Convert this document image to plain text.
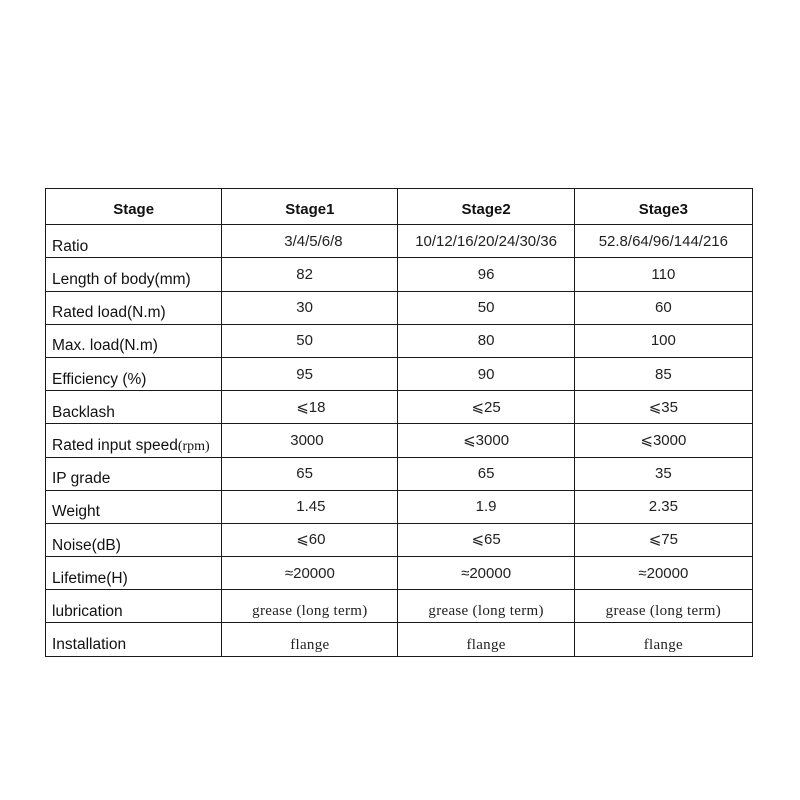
Stage	Stage1	Stage2	Stage3
Ratio	3/4/5/6/8	10/12/16/20/24/30/36	52.8/64/96/144/216
Length of body(mm)	82	96	110
Rated load(N.m)	30	50	60
Max. load(N.m)	50	80	100
Efficiency (%)	95	90	85
Backlash	⩽18	⩽25	⩽35
Rated input speed(rpm)	3000	⩽3000	⩽3000
IP grade	65	65	35
Weight	1.45	1.9	2.35
Noise(dB)	⩽60	⩽65	⩽75
Lifetime(H)	≈20000	≈20000	≈20000
lubrication	grease (long term)	grease (long term)	grease (long term)
Installation	flange	flange	flange
